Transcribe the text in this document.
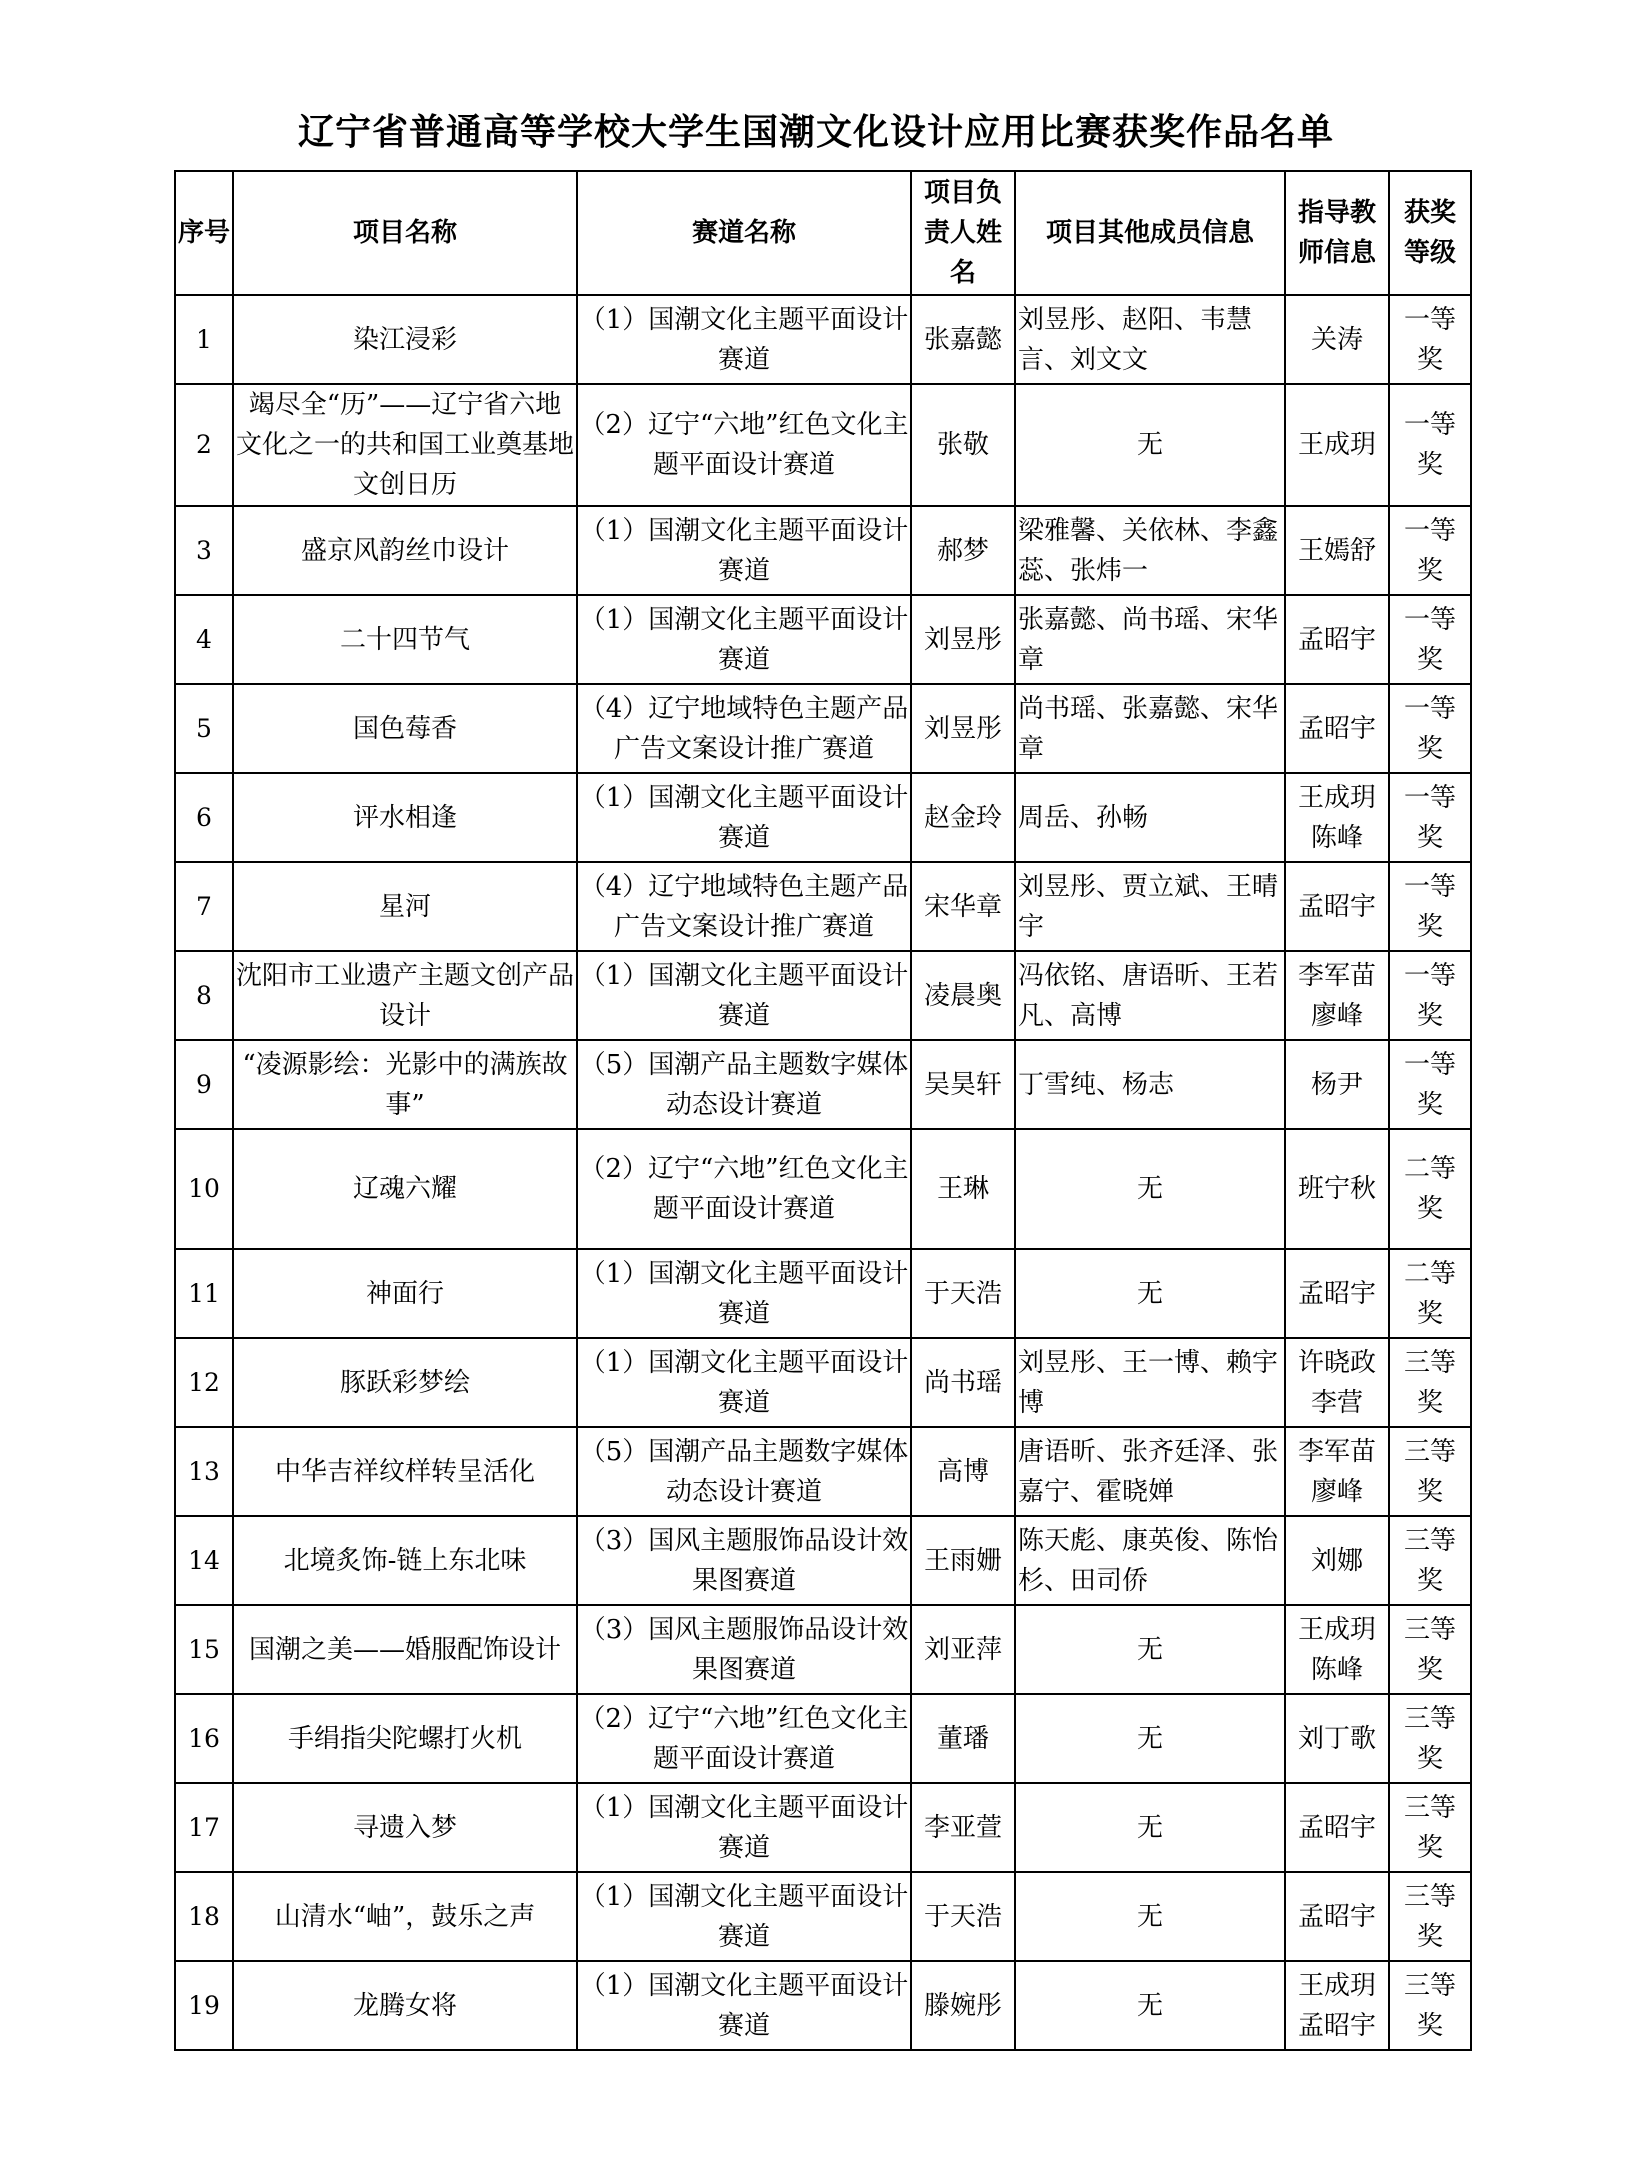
辽宁省普通高等学校大学生国潮文化设计应用比赛获奖作品名单
序号	项目名称	赛道名称	项目负责人姓名	项目其他成员信息	指导教师信息	获奖等级
1	染江浸彩	（1）国潮文化主题平面设计赛道	张嘉懿	刘昱彤、赵阳、韦慧言、刘文文	关涛	一等奖
2	竭尽全“历”——辽宁省六地文化之一的共和国工业奠基地文创日历	（2）辽宁“六地”红色文化主题平面设计赛道	张敬	无	王成玥	一等奖
3	盛京风韵丝巾设计	（1）国潮文化主题平面设计赛道	郝梦	梁雅馨、关依林、李鑫蕊、张炜一	王嫣舒	一等奖
4	二十四节气	（1）国潮文化主题平面设计赛道	刘昱彤	张嘉懿、尚书瑶、宋华章	孟昭宇	一等奖
5	国色莓香	（4）辽宁地域特色主题产品广告文案设计推广赛道	刘昱彤	尚书瑶、张嘉懿、宋华章	孟昭宇	一等奖
6	评水相逢	（1）国潮文化主题平面设计赛道	赵金玲	周岳、孙畅	王成玥陈峰	一等奖
7	星河	（4）辽宁地域特色主题产品广告文案设计推广赛道	宋华章	刘昱彤、贾立斌、王晴宇	孟昭宇	一等奖
8	沈阳市工业遗产主题文创产品设计	（1）国潮文化主题平面设计赛道	凌晨奥	冯依铭、唐语昕、王若凡、高博	李军苗廖峰	一等奖
9	“凌源影绘：光影中的满族故事”	（5）国潮产品主题数字媒体动态设计赛道	吴昊轩	丁雪纯、杨志	杨尹	一等奖
10	辽魂六耀	（2）辽宁“六地”红色文化主题平面设计赛道	王琳	无	班宁秋	二等奖
11	神面行	（1）国潮文化主题平面设计赛道	于天浩	无	孟昭宇	二等奖
12	豚跃彩梦绘	（1）国潮文化主题平面设计赛道	尚书瑶	刘昱彤、王一博、赖宇博	许晓政李营	三等奖
13	中华吉祥纹样转呈活化	（5）国潮产品主题数字媒体动态设计赛道	高博	唐语昕、张齐廷泽、张嘉宁、霍晓婵	李军苗廖峰	三等奖
14	北境炙饰-链上东北味	（3）国风主题服饰品设计效果图赛道	王雨姗	陈天彪、康英俊、陈怡杉、田司侨	刘娜	三等奖
15	国潮之美——婚服配饰设计	（3）国风主题服饰品设计效果图赛道	刘亚萍	无	王成玥陈峰	三等奖
16	手绢指尖陀螺打火机	（2）辽宁“六地”红色文化主题平面设计赛道	董璠	无	刘丁歌	三等奖
17	寻遗入梦	（1）国潮文化主题平面设计赛道	李亚萱	无	孟昭宇	三等奖
18	山清水“岫”，鼓乐之声	（1）国潮文化主题平面设计赛道	于天浩	无	孟昭宇	三等奖
19	龙腾女将	（1）国潮文化主题平面设计赛道	滕婉彤	无	王成玥孟昭宇	三等奖
